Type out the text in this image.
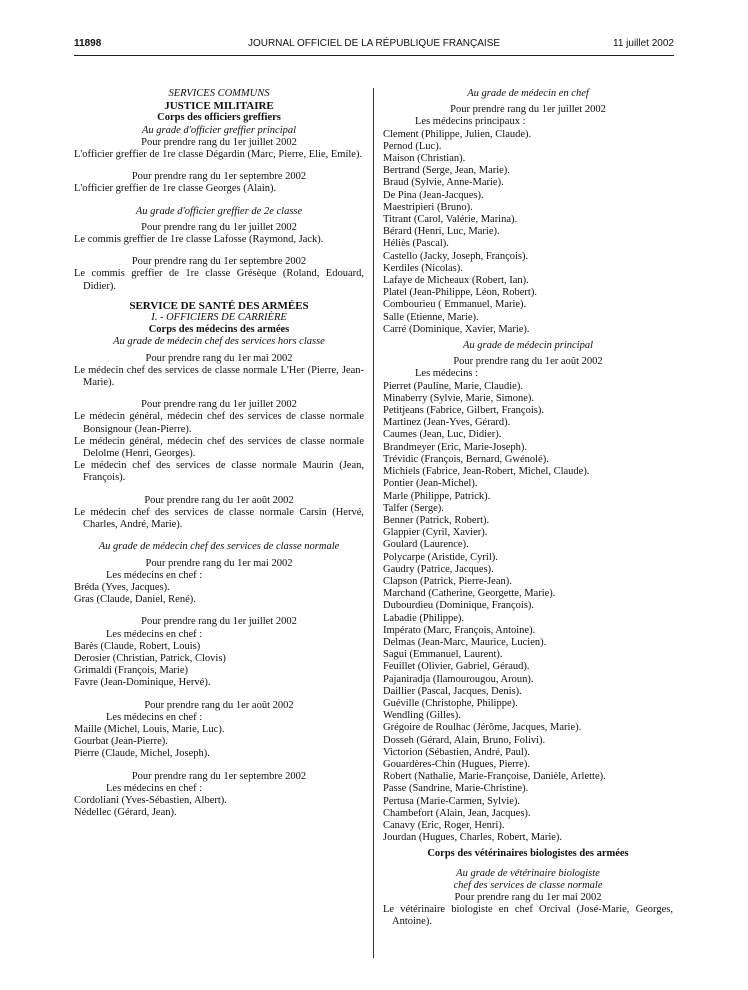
11898	JOURNAL OFFICIEL DE LA RÉPUBLIQUE FRANÇAISE	11 juillet 2002
SERVICES COMMUNS
JUSTICE MILITAIRE
Corps des officiers greffiers
Au grade d'officier greffier principal
Pour prendre rang du 1er juillet 2002
L'officier greffier de 1re classe Dégardin (Marc, Pierre, Elie, Emile).
Pour prendre rang du 1er septembre 2002
L'officier greffier de 1re classe Georges (Alain).
Au grade d'officier greffier de 2e classe
Pour prendre rang du 1er juillet 2002
Le commis greffier de 1re classe Lafosse (Raymond, Jack).
Pour prendre rang du 1er septembre 2002
Le commis greffier de 1re classe Grésèque (Roland, Edouard, Didier).
SERVICE DE SANTÉ DES ARMÉES
I. - OFFICIERS DE CARRIÈRE
Corps des médecins des armées
Au grade de médecin chef des services hors classe
Pour prendre rang du 1er mai 2002
Le médecin chef des services de classe normale L'Her (Pierre, Jean-Marie).
Pour prendre rang du 1er juillet 2002
Le médecin général, médecin chef des services de classe normale Bonsignour (Jean-Pierre).
Le médecin général, médecin chef des services de classe normale Delolme (Henri, Georges).
Le médecin chef des services de classe normale Maurin (Jean, François).
Pour prendre rang du 1er août 2002
Le médecin chef des services de classe normale Carsin (Hervé, Charles, André, Marie).
Au grade de médecin chef des services de classe normale
Pour prendre rang du 1er mai 2002
Les médecins en chef :
Bréda (Yves, Jacques).
Gras (Claude, Daniel, René).
Pour prendre rang du 1er juillet 2002
Les médecins en chef :
Barès (Claude, Robert, Louis)
Derosier (Christian, Patrick, Clovis)
Grimaldi (François, Marie)
Favre (Jean-Dominique, Hervé).
Pour prendre rang du 1er août 2002
Les médecins en chef :
Maille (Michel, Louis, Marie, Luc).
Gourbat (Jean-Pierre).
Pierre (Claude, Michel, Joseph).
Pour prendre rang du 1er septembre 2002
Les médecins en chef :
Cordoliani (Yves-Sébastien, Albert).
Nédellec (Gérard, Jean).
Au grade de médecin en chef
Pour prendre rang du 1er juillet 2002
Les médecins principaux :
Clement (Philippe, Julien, Claude).
Pernod (Luc).
Maison (Christian).
Bertrand (Serge, Jean, Marie).
Braud (Sylvie, Anne-Marie).
De Pina (Jean-Jacques).
Maestripieri (Bruno).
Titrant (Carol, Valérie, Marina).
Bérard (Henri, Luc, Marie).
Héliès (Pascal).
Castello (Jacky, Joseph, François).
Kerdiles (Nicolas).
Lafaye de Micheaux (Robert, Ian).
Platel (Jean-Philippe, Léon, Robert).
Combourieu ( Emmanuel, Marie).
Salle (Etienne, Marie).
Carré (Dominique, Xavier, Marie).
Au grade de médecin principal
Pour prendre rang du 1er août 2002
Les médecins :
Pierret (Pauline, Marie, Claudie).
Minaberry (Sylvie, Marie, Simone).
Petitjeans (Fabrice, Gilbert, François).
Martinez (Jean-Yves, Gérard).
Caumes (Jean, Luc, Didier).
Brandmeyer (Eric, Marie-Joseph).
Trévidic (François, Bernard, Gwénolé).
Michiels (Fabrice, Jean-Robert, Michel, Claude).
Pontier (Jean-Michel).
Marle (Philippe, Patrick).
Talfer (Serge).
Benner (Patrick, Robert).
Glappier (Cyril, Xavier).
Goulard (Laurence).
Polycarpe (Aristide, Cyril).
Gaudry (Patrice, Jacques).
Clapson (Patrick, Pierre-Jean).
Marchand (Catherine, Georgette, Marie).
Dubourdieu (Dominique, François).
Labadie (Philippe).
Impérato (Marc, François, Antoine).
Delmas (Jean-Marc, Maurice, Lucien).
Sagui (Emmanuel, Laurent).
Feuillet (Olivier, Gabriel, Géraud).
Pajaniradja (Ilamourougou, Aroun).
Daillier (Pascal, Jacques, Denis).
Guéville (Christophe, Philippe).
Wendling (Gilles).
Grégoire de Roulhac (Jérôme, Jacques, Marie).
Dosseh (Gérard, Alain, Bruno, Folivi).
Victorion (Sébastien, André, Paul).
Gouardères-Chin (Hugues, Pierre).
Robert (Nathalie, Marie-Françoise, Danièle, Arlette).
Passe (Sandrine, Marie-Christine).
Pertusa (Marie-Carmen, Sylvie).
Chambefort (Alain, Jean, Jacques).
Canavy (Eric, Roger, Henri).
Jourdan (Hugues, Charles, Robert, Marie).
Corps des vétérinaires biologistes des armées
Au grade de vétérinaire biologiste
chef des services de classe normale
Pour prendre rang du 1er mai 2002
Le vétérinaire biologiste en chef Orcival (José-Marie, Georges, Antoine).
